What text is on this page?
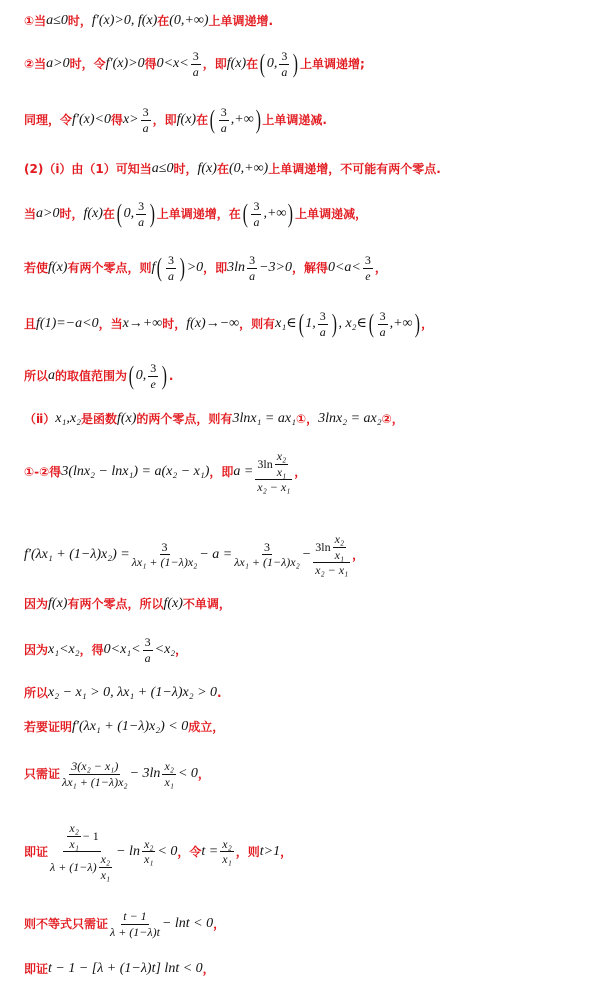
①当 a≤0 时， f′(x)>0, f(x) 在 (0,+∞) 上单调递增.
②当 a>0 时，令 f′(x)>0 得 $0<x< \frac{3}{a}$ ，即 f(x) 在 ( 0, $\frac{3}{a}$ ) 上单调递增;
同理，令 f′(x)<0 得 $x> \frac{3}{a}$ ，即 f(x) 在 ( $\frac{3}{a}$ ,+∞ ) 上单调递减.
(2)（ⅰ）由（1）可知当 a≤0 时， f(x) 在 (0,+∞) 上单调递增，不可能有两个零点.
当 a>0 时， f(x) 在 ( 0, $\frac{3}{a}$ ) 上单调递增，在 ( $\frac{3}{a}$ ,+∞ ) 上单调递减，
若使 f(x) 有两个零点，则 f ( $\frac{3}{a}$ ) >0 ，即 $3\ln \frac{3}{a} -3>0$ ，解得 $0<a< \frac{3}{e}$ ，
且 f(1)=−a<0 ，当 x→+∞ 时， f(x)→−∞ ，则有 x₁∈ ( 1, $\frac{3}{a}$ ) , x₂∈ ( $\frac{3}{a}$ ,+∞ ) ，
所以 a 的取值范围为 ( 0, $\frac{3}{e}$ ) .
（ⅱ） x₁,x₂ 是函数 f(x) 的两个零点，则有 3lnx₁ = ax₁ ①， 3lnx₂ = ax₂ ②，
①-②得 3(lnx₂ − lnx₁) = a(x₂ − x₁) ，即 $a = \frac{3\ln \frac{\text{x₂}}{\text{x₁}}}{\text{x₂ − x₁}}$ ，
$f'(\lambda x_1 + (1-\lambda)x_2) = \frac{3}{\text{λx₁ + (1−λ)x₂}} - a = \frac{3}{\text{λx₁ + (1−λ)x₂}} - \frac{3\ln \frac{\text{x₂}}{\text{x₁}}}{\text{x₂ − x₁}}$ ，
因为 f(x) 有两个零点，所以 f(x) 不单调，
因为 x₁<x₂ ，得 $0<x_1< \frac{3}{a} <x_2$ ，
所以 x₂ − x₁ > 0, λx₁ + (1−λ)x₂ > 0 .
若要证明 f′(λx₁ + (1−λ)x₂) < 0 成立，
只需证 $\frac{\text{3(x₂ − x₁)}}{\text{λx₁ + (1−λ)x₂}} - 3\ln \frac{\text{x₂}}{\text{x₁}} < 0$ ，
即证 $\frac{\frac{\text{x₂}}{\text{x₁}} - 1}{\lambda + (1-\lambda) \frac{\text{x₂}}{\text{x₁}}} - \ln \frac{\text{x₂}}{\text{x₁}} < 0$ ，令 $t = \frac{\text{x₂}}{\text{x₁}}$ ，则 t>1 ，
则不等式只需证 $\frac{t - 1}{\lambda + (1-\lambda)t} - \ln t < 0$ ，
即证 t − 1 − [λ + (1−λ)t] lnt < 0 ，
